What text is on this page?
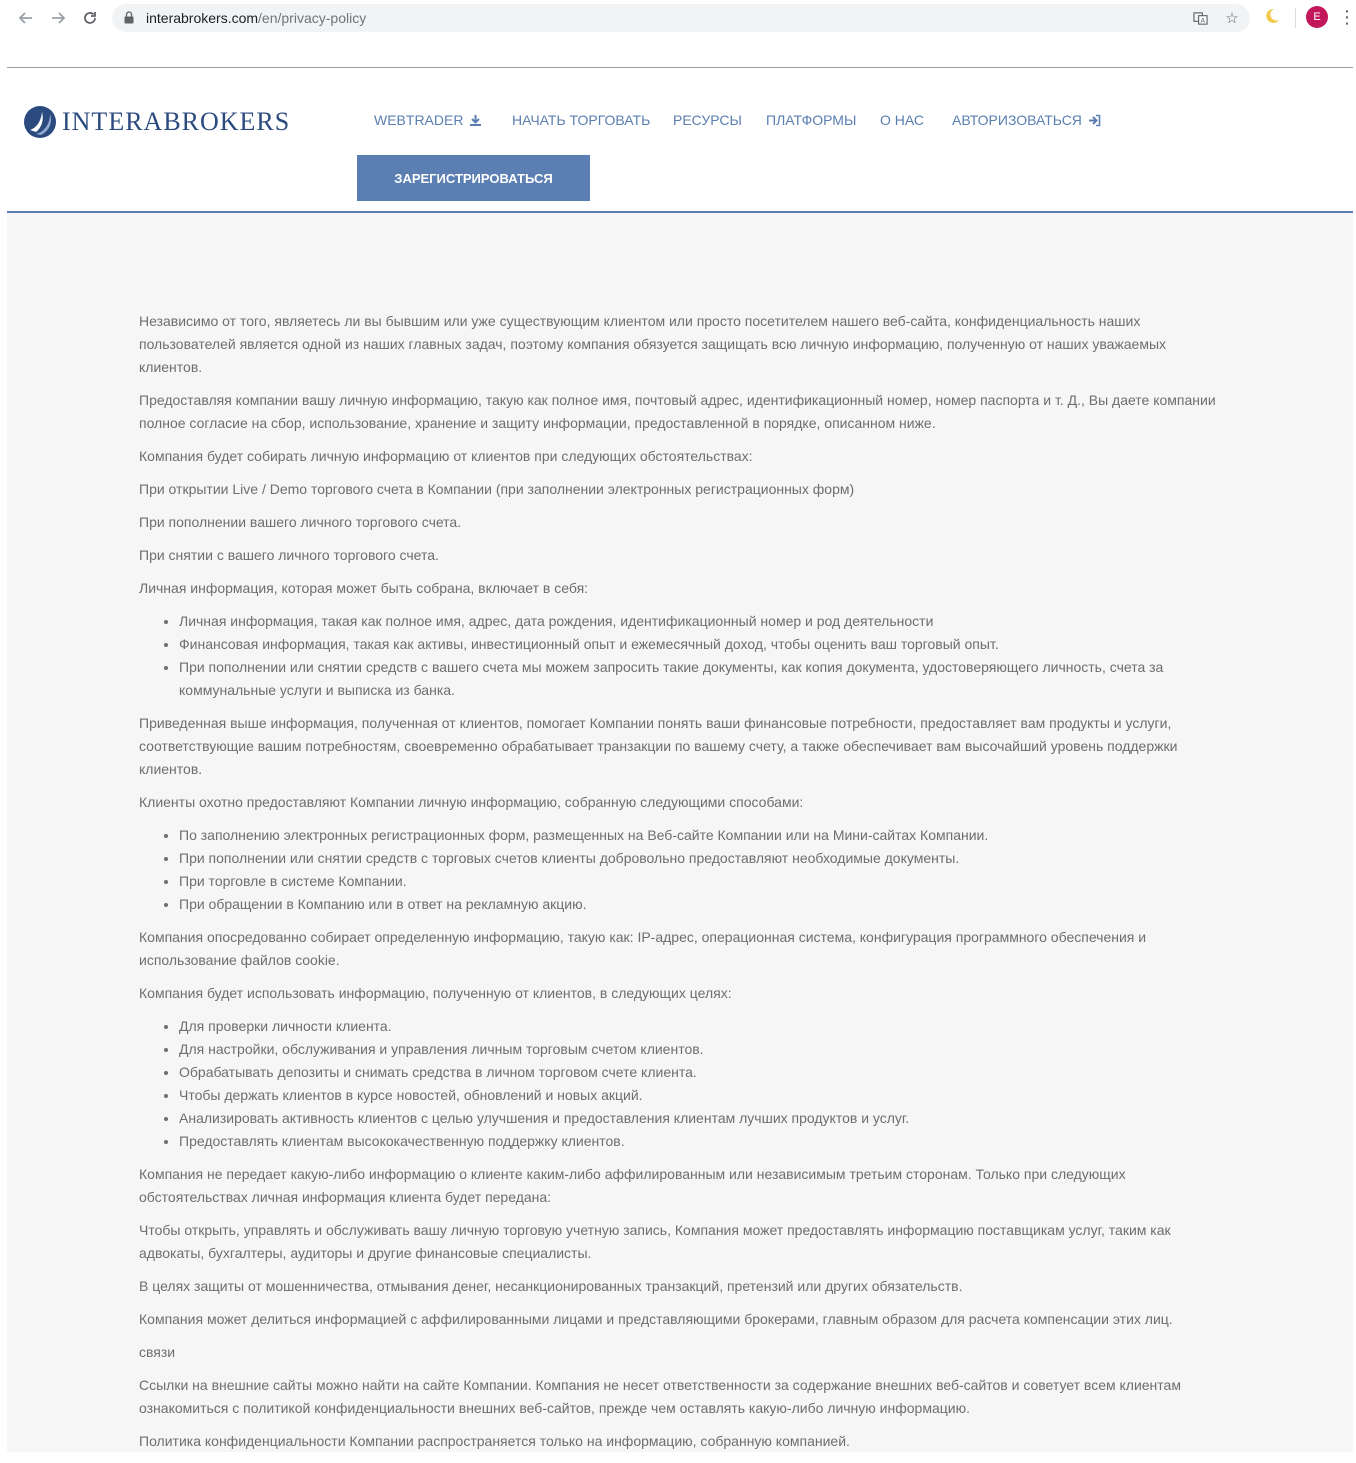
interabrokers.com/en/privacy-policy	A ☆	E ⋮
INTERABROKERS	WEBTRADER	НАЧАТЬ ТОРГОВАТЬ РЕСУРСЫ ПЛАТФОРМЫ О НАС АВТОРИЗОВАТЬСЯ
ЗАРЕГИСТРИРОВАТЬСЯ

Независимо от того, являетесь ли вы бывшим или уже существующим клиентом или просто посетителем нашего веб-сайта, конфиденциальность наших пользователей является одной из наших главных задач, поэтому компания обязуется защищать всю личную информацию, полученную от наших уважаемых клиентов.

Предоставляя компании вашу личную информацию, такую как полное имя, почтовый адрес, идентификационный номер, номер паспорта и т. Д., Вы даете компании полное согласие на сбор, использование, хранение и защиту информации, предоставленной в порядке, описанном ниже.

Компания будет собирать личную информацию от клиентов при следующих обстоятельствах:

При открытии Live / Demo торгового счета в Компании (при заполнении электронных регистрационных форм)

При пополнении вашего личного торгового счета.

При снятии с вашего личного торгового счета.

Личная информация, которая может быть собрана, включает в себя:

• Личная информация, такая как полное имя, адрес, дата рождения, идентификационный номер и род деятельности
• Финансовая информация, такая как активы, инвестиционный опыт и ежемесячный доход, чтобы оценить ваш торговый опыт.
• При пополнении или снятии средств с вашего счета мы можем запросить такие документы, как копия документа, удостоверяющего личность, счета за коммунальные услуги и выписка из банка.

Приведенная выше информация, полученная от клиентов, помогает Компании понять ваши финансовые потребности, предоставляет вам продукты и услуги, соответствующие вашим потребностям, своевременно обрабатывает транзакции по вашему счету, а также обеспечивает вам высочайший уровень поддержки клиентов.

Клиенты охотно предоставляют Компании личную информацию, собранную следующими способами:

• По заполнению электронных регистрационных форм, размещенных на Веб-сайте Компании или на Мини-сайтах Компании.
• При пополнении или снятии средств с торговых счетов клиенты добровольно предоставляют необходимые документы.
• При торговле в системе Компании.
• При обращении в Компанию или в ответ на рекламную акцию.

Компания опосредованно собирает определенную информацию, такую как: IP-адрес, операционная система, конфигурация программного обеспечения и использование файлов cookie.

Компания будет использовать информацию, полученную от клиентов, в следующих целях:

• Для проверки личности клиента.
• Для настройки, обслуживания и управления личным торговым счетом клиентов.
• Обрабатывать депозиты и снимать средства в личном торговом счете клиента.
• Чтобы держать клиентов в курсе новостей, обновлений и новых акций.
• Анализировать активность клиентов с целью улучшения и предоставления клиентам лучших продуктов и услуг.
• Предоставлять клиентам высококачественную поддержку клиентов.

Компания не передает какую-либо информацию о клиенте каким-либо аффилированным или независимым третьим сторонам. Только при следующих обстоятельствах личная информация клиента будет передана:

Чтобы открыть, управлять и обслуживать вашу личную торговую учетную запись, Компания может предоставлять информацию поставщикам услуг, таким как адвокаты, бухгалтеры, аудиторы и другие финансовые специалисты.

В целях защиты от мошенничества, отмывания денег, несанкционированных транзакций, претензий или других обязательств.

Компания может делиться информацией с аффилированными лицами и представляющими брокерами, главным образом для расчета компенсации этих лиц.

связи

Ссылки на внешние сайты можно найти на сайте Компании. Компания не несет ответственности за содержание внешних веб-сайтов и советует всем клиентам ознакомиться с политикой конфиденциальности внешних веб-сайтов, прежде чем оставлять какую-либо личную информацию.

Политика конфиденциальности Компании распространяется только на информацию, собранную компанией.
